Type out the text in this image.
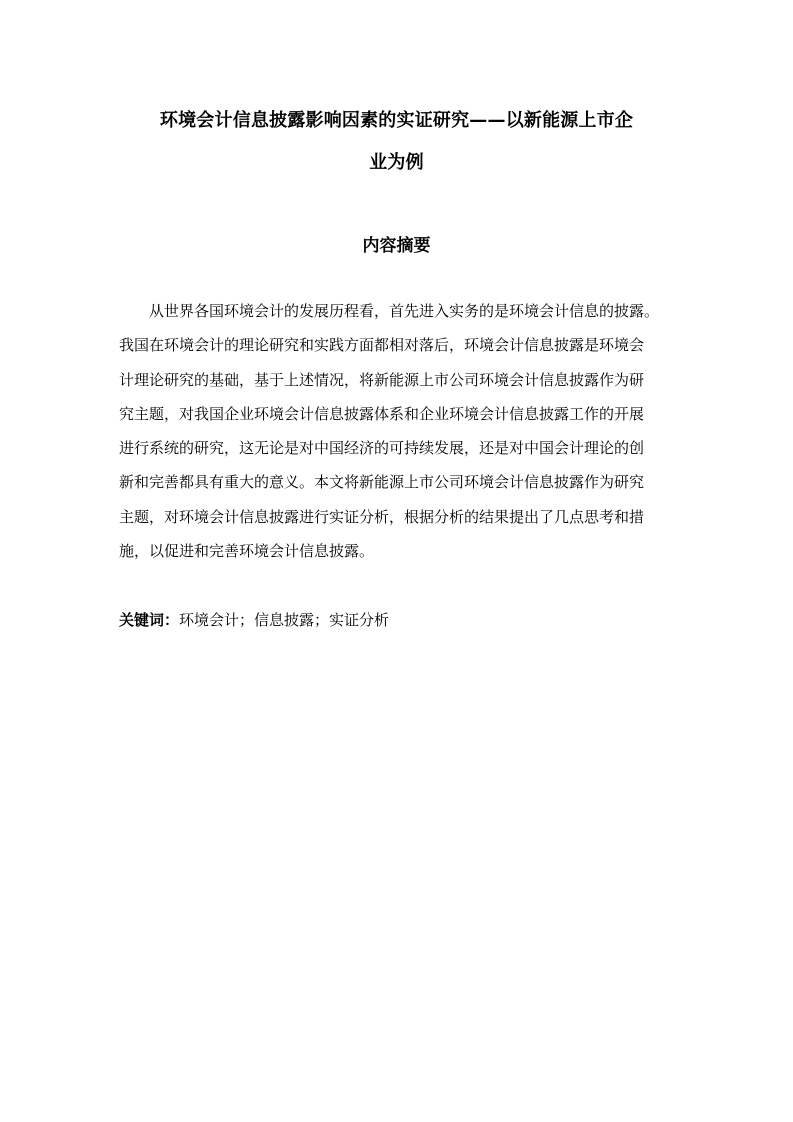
环境会计信息披露影响因素的实证研究——以新能源上市企
业为例
内容摘要
从世界各国环境会计的发展历程看，首先进入实务的是环境会计信息的披露。
我国在环境会计的理论研究和实践方面都相对落后，环境会计信息披露是环境会
计理论研究的基础，基于上述情况，将新能源上市公司环境会计信息披露作为研
究主题，对我国企业环境会计信息披露体系和企业环境会计信息披露工作的开展
进行系统的研究，这无论是对中国经济的可持续发展，还是对中国会计理论的创
新和完善都具有重大的意义。本文将新能源上市公司环境会计信息披露作为研究
主题，对环境会计信息披露进行实证分析，根据分析的结果提出了几点思考和措
施，以促进和完善环境会计信息披露。
关键词：环境会计；信息披露；实证分析
